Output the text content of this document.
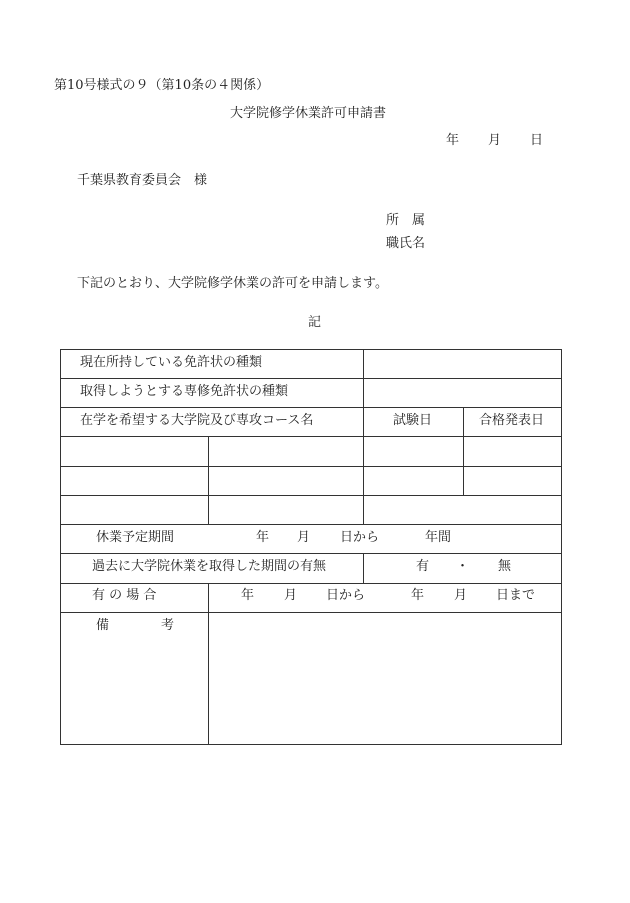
第10号様式の９（第10条の４関係）
大学院修学休業許可申請書
年 月 日
千葉県教育委員会　様
所　属
職氏名
下記のとおり、大学院修学休業の許可を申請します。
記
現在所持している免許状の種類
取得しようとする専修免許状の種類
在学を希望する大学院及び専攻コース名	試験日	合格発表日
休業予定期間	年 月 日から	年間
過去に大学院休業を取得した期間の有無	有 ・ 無
有 の 場 合	年 月 日から	年 月 日まで
備　　　　考
